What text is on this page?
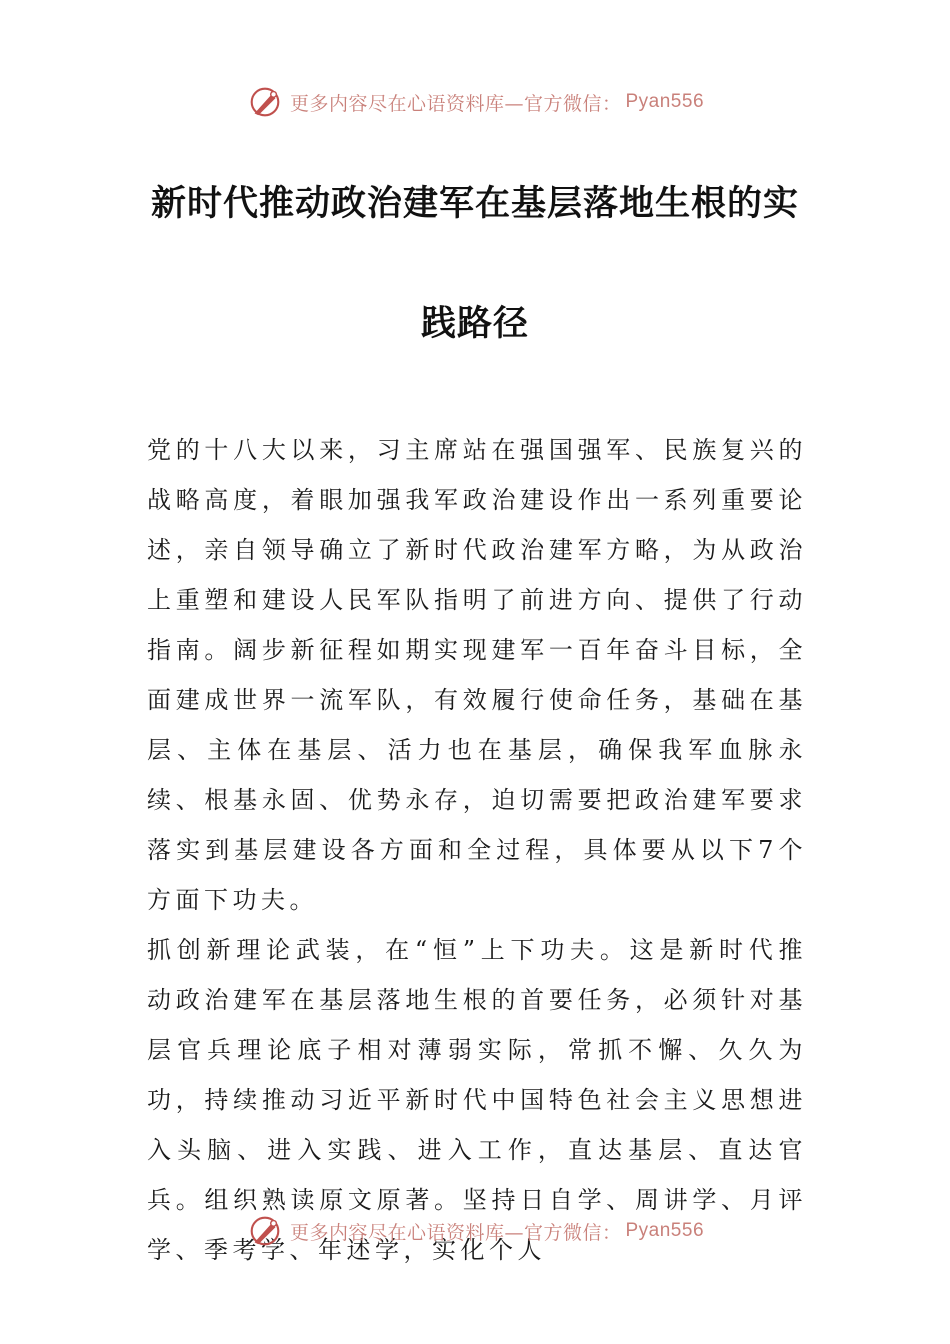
更多内容尽在心语资料库—官方微信： Pyan556
新时代推动政治建军在基层落地生根的实
践路径

党的十八大以来，习主席站在强国强军、民族复兴的战略高度，着眼加强我军政治建设作出一系列重要论述，亲自领导确立了新时代政治建军方略，为从政治上重塑和建设人民军队指明了前进方向、提供了行动指南。阔步新征程如期实现建军一百年奋斗目标，全面建成世界一流军队，有效履行使命任务，基础在基层、主体在基层、活力也在基层，确保我军血脉永续、根基永固、优势永存，迫切需要把政治建军要求落实到基层建设各方面和全过程，具体要从以下7个方面下功夫。

抓创新理论武装，在“恒”上下功夫。这是新时代推动政治建军在基层落地生根的首要任务，必须针对基层官兵理论底子相对薄弱实际，常抓不懈、久久为功，持续推动习近平新时代中国特色社会主义思想进入头脑、进入实践、进入工作，直达基层、直达官兵。组织熟读原文原著。坚持日自学、周讲学、月评学、季考学、年述学，实化个人

更多内容尽在心语资料库—官方微信： Pyan556
